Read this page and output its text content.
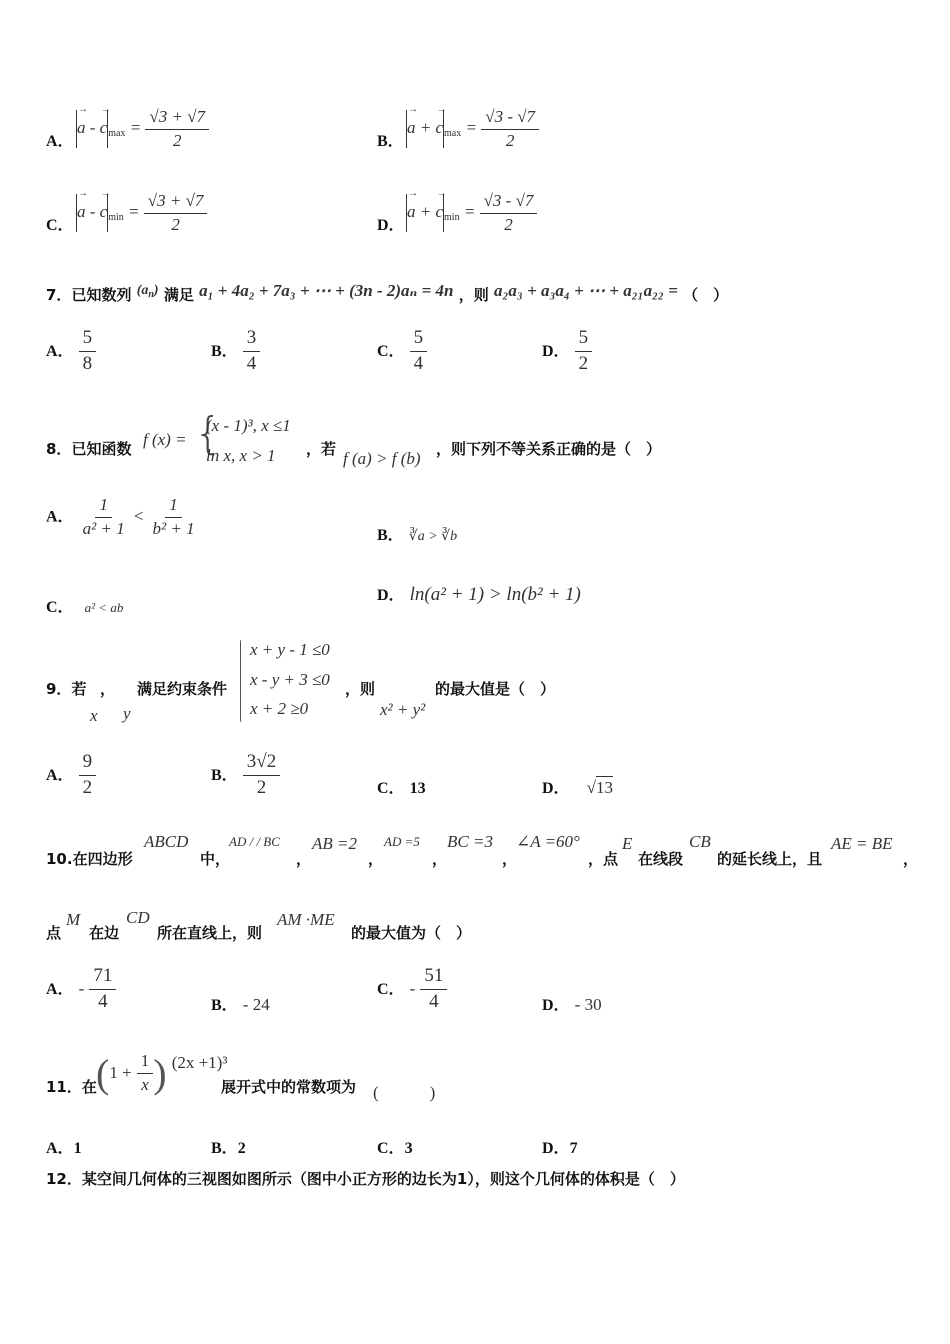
A．
→ a - → $c_{max} = \frac{√3 + √7}{2}$	B．
→ a + → $c_{max} = \frac{√3 - √7}{2}$
C．
→ a - → $c_{min} = \frac{√3 + √7}{2}$	D．
→ a + → $c_{min} = \frac{√3 - √7}{2}$
7．已知数列 $(a_n)$ 满足 a₁ + 4a₂ + 7a₃ + ⋯ + (3n - 2)aₙ = 4n ，则 a₂a₃ + a₃a₄ + ⋯ + a₂₁a₂₂ = （　）
A． $\frac{5}{8}$	B． $\frac{3}{4}$	C． $\frac{5}{4}$	D． $\frac{5}{2}$
8．已知函数 f (x) = {
(x - 1)³, x ≤1
ln x, x > 1 ，若 f (a) > f (b) ，则下列不等关系正确的是（　）
A． $\frac{1}{\text{a² + 1}} < \frac{1}{\text{b² + 1}}$	B． ∛a > ∛b
C． a² < ab
D． ln(a² + 1) > ln(b² + 1)
9．若 ，
x y
满足约束条件
x + y - 1 ≤0
x - y + 3 ≤0
x + 2 ≥0
，则
x² + y²
的最大值是（　）
A． $\frac{9}{2}$	B． $\frac{3√2}{2}$	C． 13	D． √13
10.在四边形
ABCD
中，
AD / / BC
，
AB =2
，
AD =5
，
BC =3
，
∠A =60°
，点
E
在线段
CB
的延长线上，且
AE = BE
，
点
M
在边
CD
所在直线上，则
AM ·ME
的最大值为（　）
A． - $\frac{71}{4}$	B． - 24
C． - $\frac{51}{4}$	D． - 30
11．在 ($1 + \frac{1}{x}$ ) (2x +1)³
展开式中的常数项为 (　　　)
A．1	B．2	C．3	D．7
12．某空间几何体的三视图如图所示（图中小正方形的边长为1），则这个几何体的体积是（　）
